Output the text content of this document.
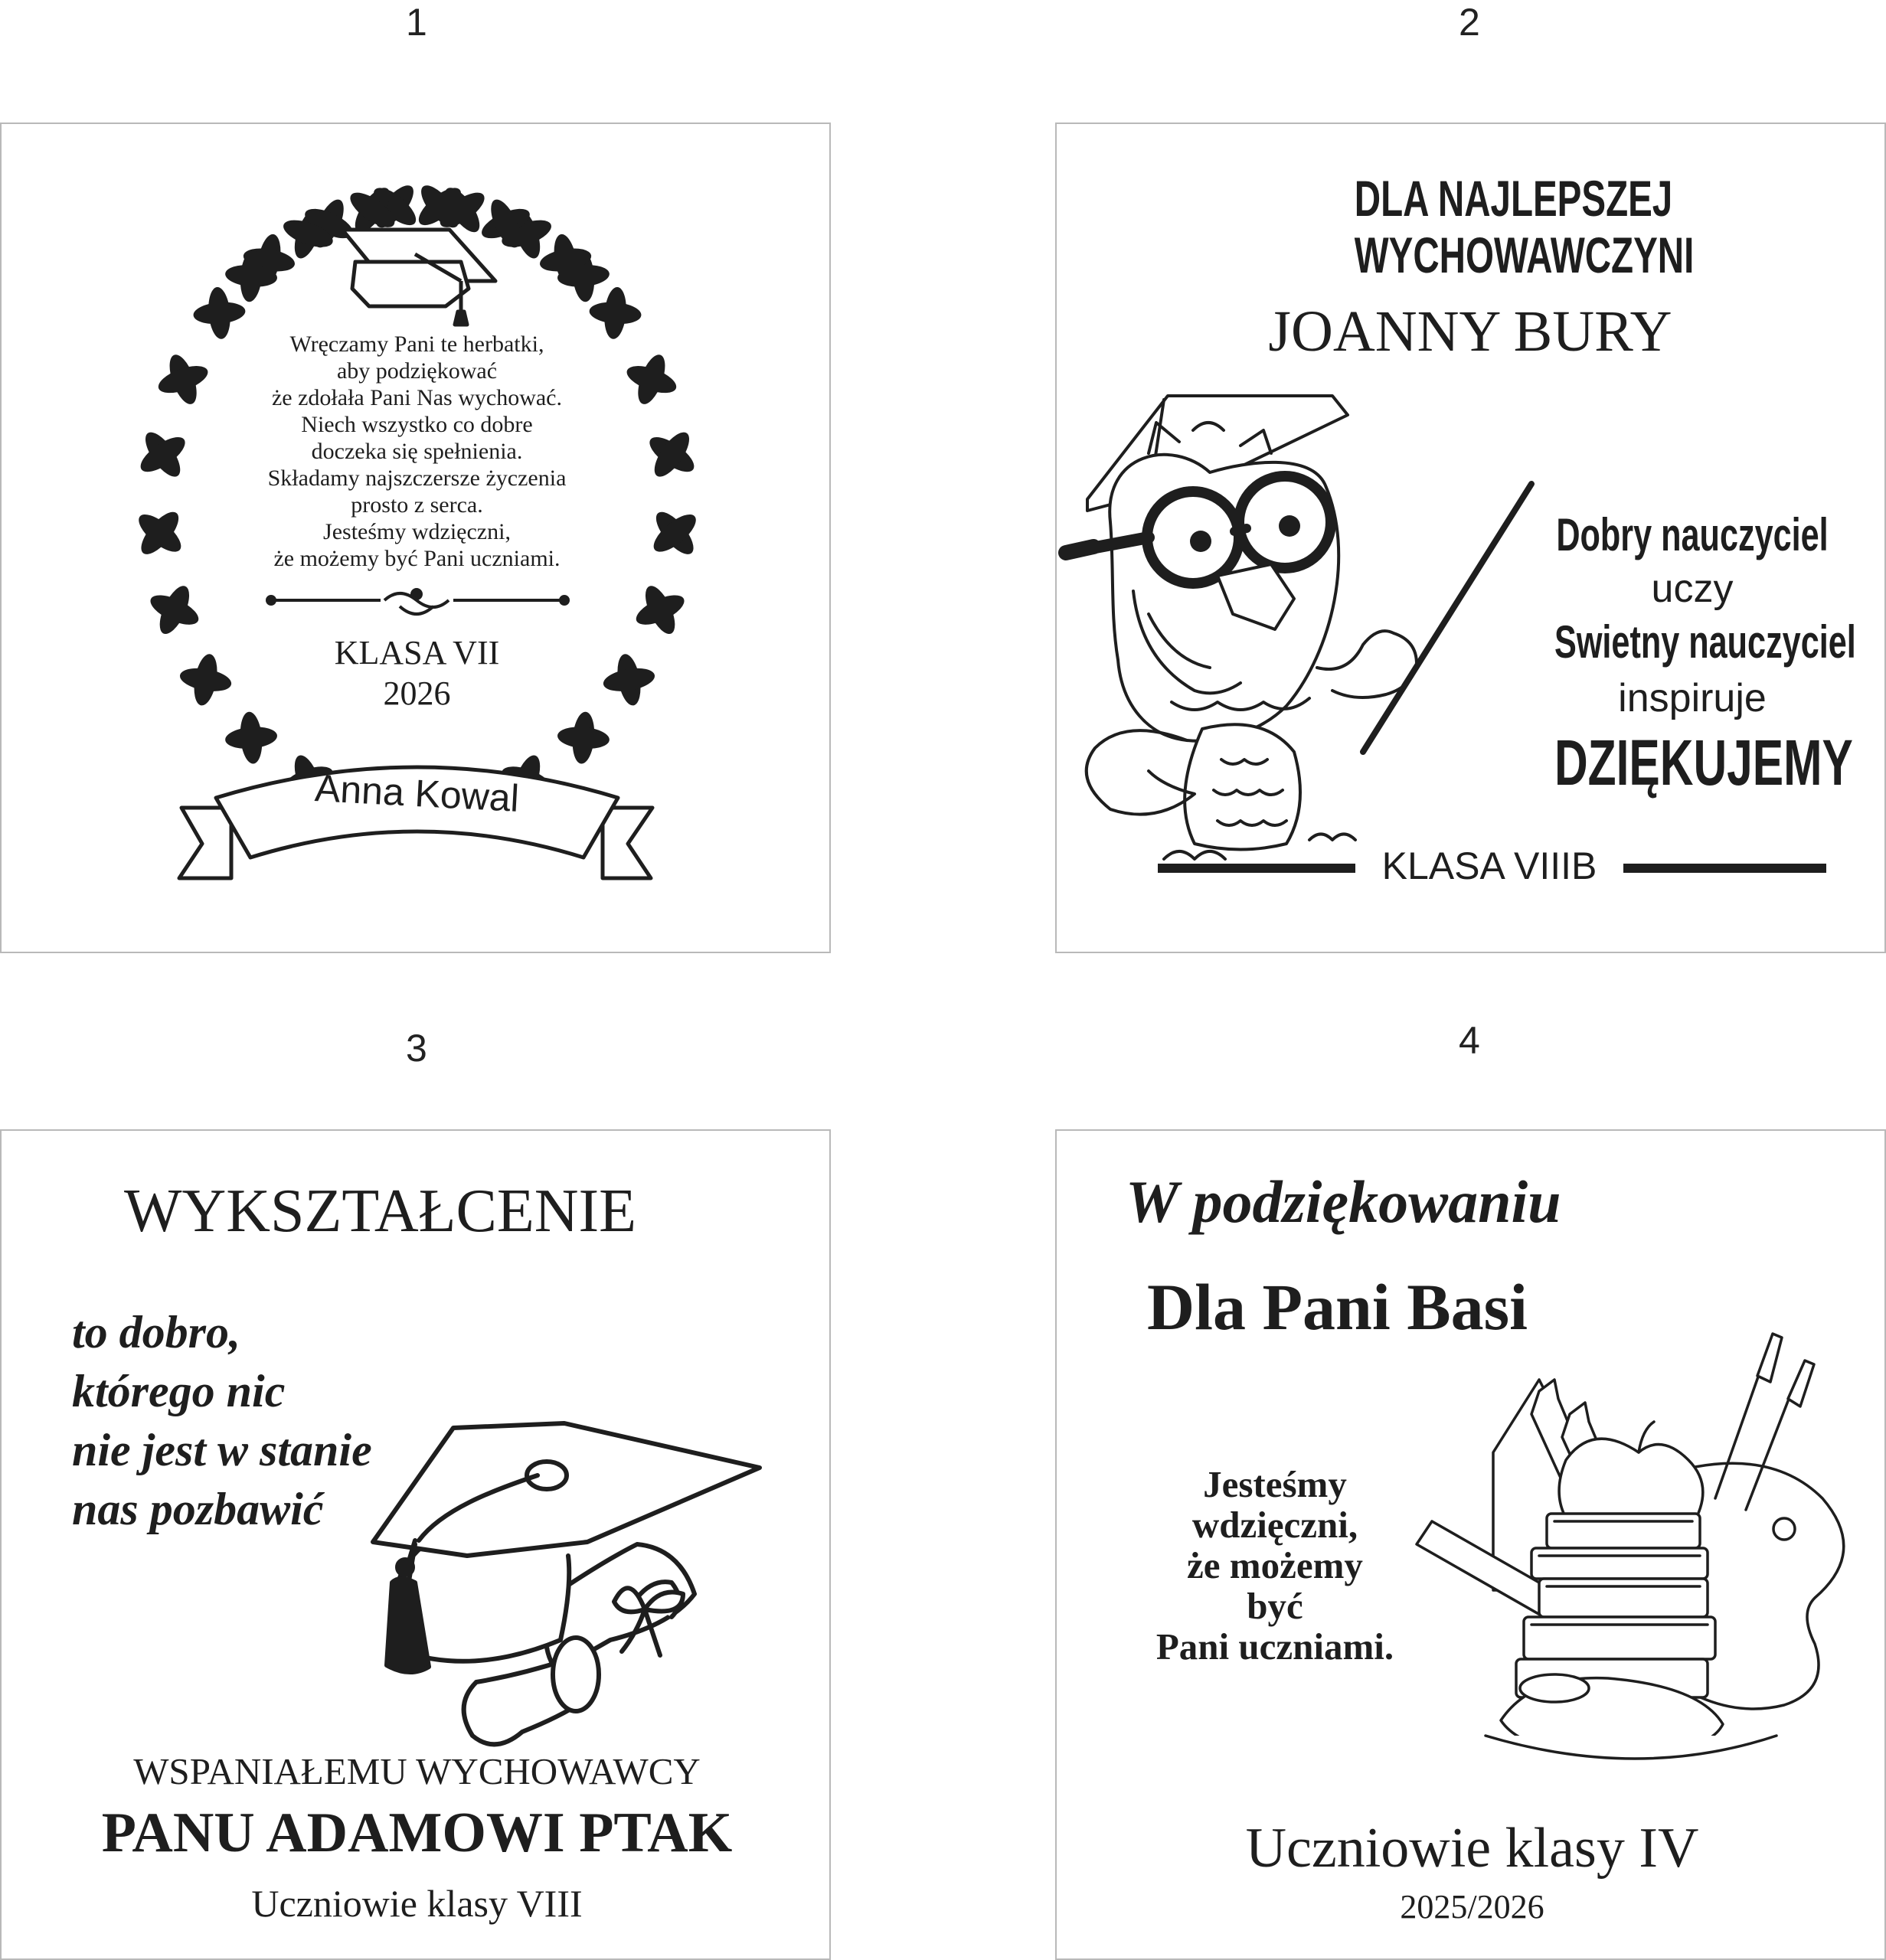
1	2
3	4
Wręczamy Pani te herbatki,
aby podziękować
że zdołała Pani Nas wychować.
Niech wszystko co dobre
doczeka się spełnienia.
Składamy najszczersze życzenia
prosto z serca.
Jesteśmy wdzięczni,
że możemy być Pani uczniami.
KLASA VII
2026
Anna Kowal
DLA NAJLEPSZEJ
WYCHOWAWCZYNI
JOANNY BURY
Dobry nauczyciel
uczy
Swietny nauczyciel
inspiruje
DZIĘKUJEMY
KLASA VIIIB
WYKSZTAŁCENIE
to dobro,
którego nic
nie jest w stanie
nas pozbawić
WSPANIAŁEMU WYCHOWAWCY
PANU ADAMOWI PTAK
Uczniowie klasy VIII
W podziękowaniu
Dla Pani Basi
Jesteśmy
wdzięczni,
że możemy
być
Pani uczniami.
Uczniowie klasy IV
2025/2026
